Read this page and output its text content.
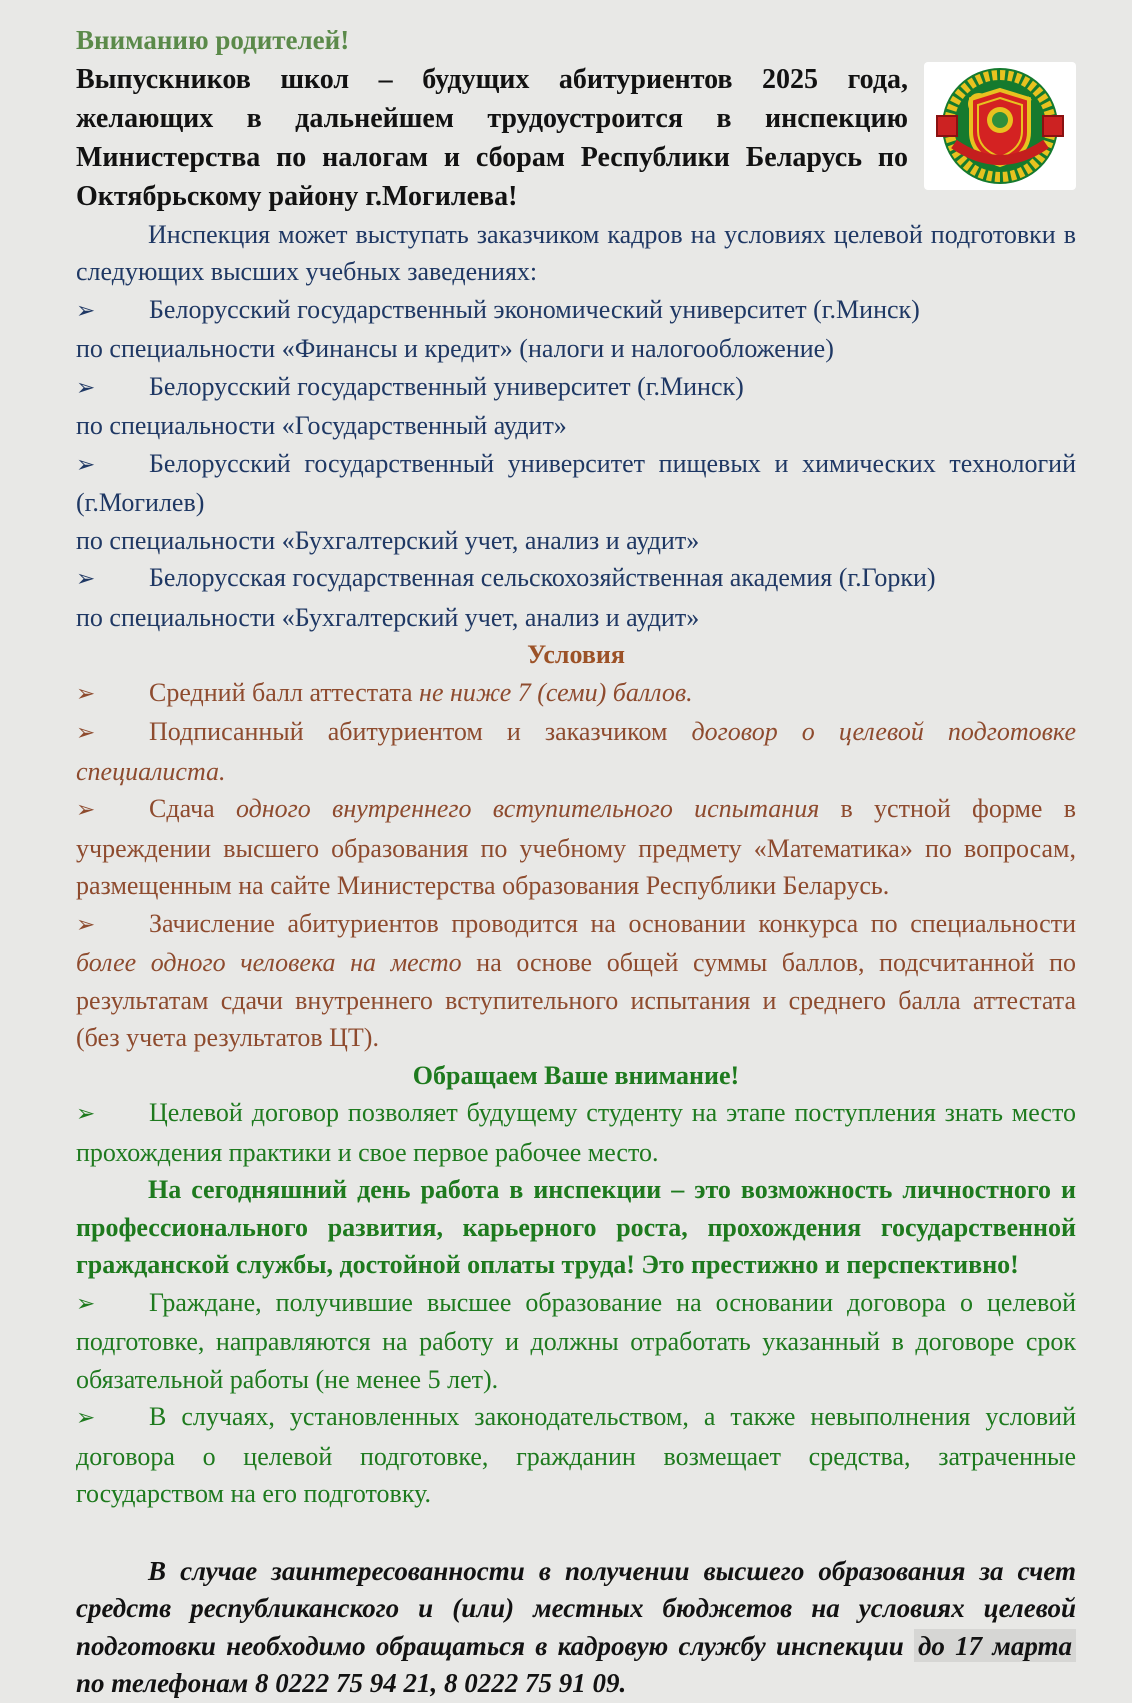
Вниманию родителей!
Выпускников школ – будущих абитуриентов 2025 года, желающих в дальнейшем трудоустроится в инспекцию Министерства по налогам и сборам Республики Беларусь по Октябрьскому району г.Могилева!
Инспекция может выступать заказчиком кадров на условиях целевой подготовки в следующих высших учебных заведениях:
➢ Белорусский государственный экономический университет (г.Минск)
по специальности «Финансы и кредит» (налоги и налогообложение)
➢ Белорусский государственный университет (г.Минск)
по специальности «Государственный аудит»
➢ Белорусский государственный университет пищевых и химических технологий (г.Могилев)
по специальности «Бухгалтерский учет, анализ и аудит»
➢ Белорусская государственная сельскохозяйственная академия (г.Горки)
по специальности «Бухгалтерский учет, анализ и аудит»
Условия
➢ Средний балл аттестата не ниже 7 (семи) баллов.
➢ Подписанный абитуриентом и заказчиком договор о целевой подготовке специалиста.
➢ Сдача одного внутреннего вступительного испытания в устной форме в учреждении высшего образования по учебному предмету «Математика» по вопросам, размещенным на сайте Министерства образования Республики Беларусь.
➢ Зачисление абитуриентов проводится на основании конкурса по специальности более одного человека на место на основе общей суммы баллов, подсчитанной по результатам сдачи внутреннего вступительного испытания и среднего балла аттестата (без учета результатов ЦТ).
Обращаем Ваше внимание!
➢ Целевой договор позволяет будущему студенту на этапе поступления знать место прохождения практики и свое первое рабочее место.
На сегодняшний день работа в инспекции – это возможность личностного и профессионального развития, карьерного роста, прохождения государственной гражданской службы, достойной оплаты труда! Это престижно и перспективно!
➢ Граждане, получившие высшее образование на основании договора о целевой подготовке, направляются на работу и должны отработать указанный в договоре срок обязательной работы (не менее 5 лет).
➢ В случаях, установленных законодательством, а также невыполнения условий договора о целевой подготовке, гражданин возмещает средства, затраченные государством на его подготовку.
В случае заинтересованности в получении высшего образования за счет средств республиканского и (или) местных бюджетов на условиях целевой подготовки необходимо обращаться в кадровую службу инспекции до 17 марта по телефонам 8 0222 75 94 21, 8 0222 75 91 09.
